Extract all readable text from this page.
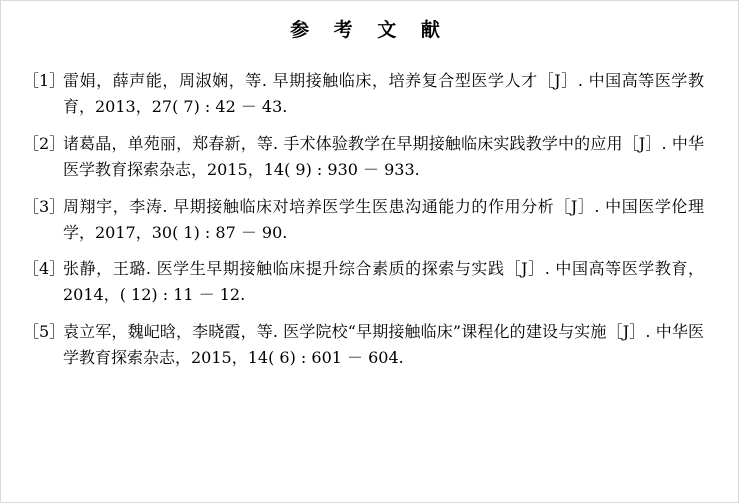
参 考 文 献
［1］
雷娟，薛声能，周淑娴，等. 早期接触临床，培养复合型医学人才［J］. 中国高等医学教育，2013，27( 7) : 42 － 43.
［2］
诸葛晶，单苑丽，郑春新，等. 手术体验教学在早期接触临床实践教学中的应用［J］. 中华医学教育探索杂志，2015，14( 9) : 930 － 933.
［3］
周翔宇，李涛. 早期接触临床对培养医学生医患沟通能力的作用分析［J］. 中国医学伦理学，2017，30( 1) : 87 － 90.
［4］
张静，王璐. 医学生早期接触临床提升综合素质的探索与实践［J］. 中国高等医学教育，2014，( 12) : 11 － 12.
［5］
袁立军，魏屺晗，李晓霞，等. 医学院校“早期接触临床”课程化的建设与实施［J］. 中华医学教育探索杂志，2015，14( 6) : 601 － 604.
